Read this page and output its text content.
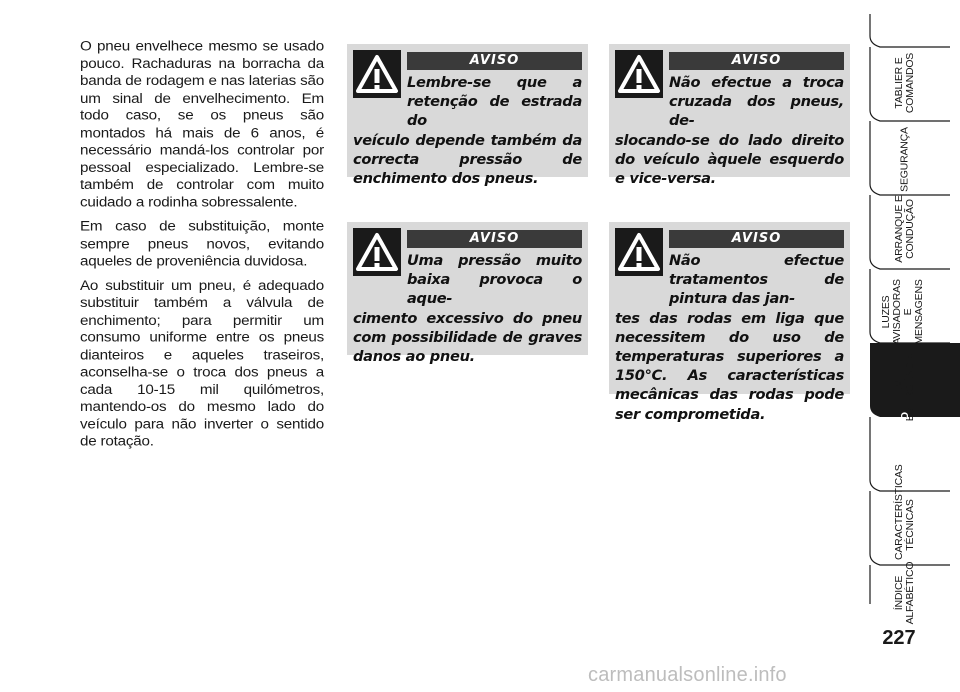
O pneu envelhece mesmo se usado pouco. Rachaduras na borracha da banda de rodagem e nas laterias são um sinal de envelhecimento. Em todo caso, se os pneus são montados há mais de 6 anos, é necessário mandá-los controlar por pessoal especializado. Lembre-se também de controlar com muito cuidado a rodinha sobressalente.

Em caso de substituição, monte sempre pneus novos, evitando aqueles de proveniência duvidosa.

Ao substituir um pneu, é adequado substituir também a válvula de enchimento; para permitir um consumo uniforme entre os pneus dianteiros e aqueles traseiros, aconselha-se o troca dos pneus a cada 10-15 mil quilómetros, mantendo-os do mesmo lado do veículo para não inverter o sentido de rotação.

AVISO
Lembre-se que a retenção de estrada do
veículo depende também da correcta pressão de enchimento dos pneus.
AVISO
Não efectue a troca cruzada dos pneus, de-
slocando-se do lado direito do veículo àquele esquerdo e vice-versa.
AVISO
Uma pressão muito baixa provoca o aque-
cimento excessivo do pneu com possibilidade de graves danos ao pneu.
AVISO
Não efectue tratamentos de pintura das jan-
tes das rodas em liga que necessitem do uso de temperaturas superiores a 150°C. As características mecânicas das rodas pode ser comprometida.
TABLIER E COMANDOS
SEGURANÇA
ARRANQUE E CONDUÇÃO
LUZES AVISADORAS E MENSAGENS
EM EMERGÊNCIA
MANUTENÇÃO DO VEÍCULO
CARACTERÍSTICAS TÉCNICAS
ÍNDICE ALFABÉTICO
227
carmanualsonline.info
